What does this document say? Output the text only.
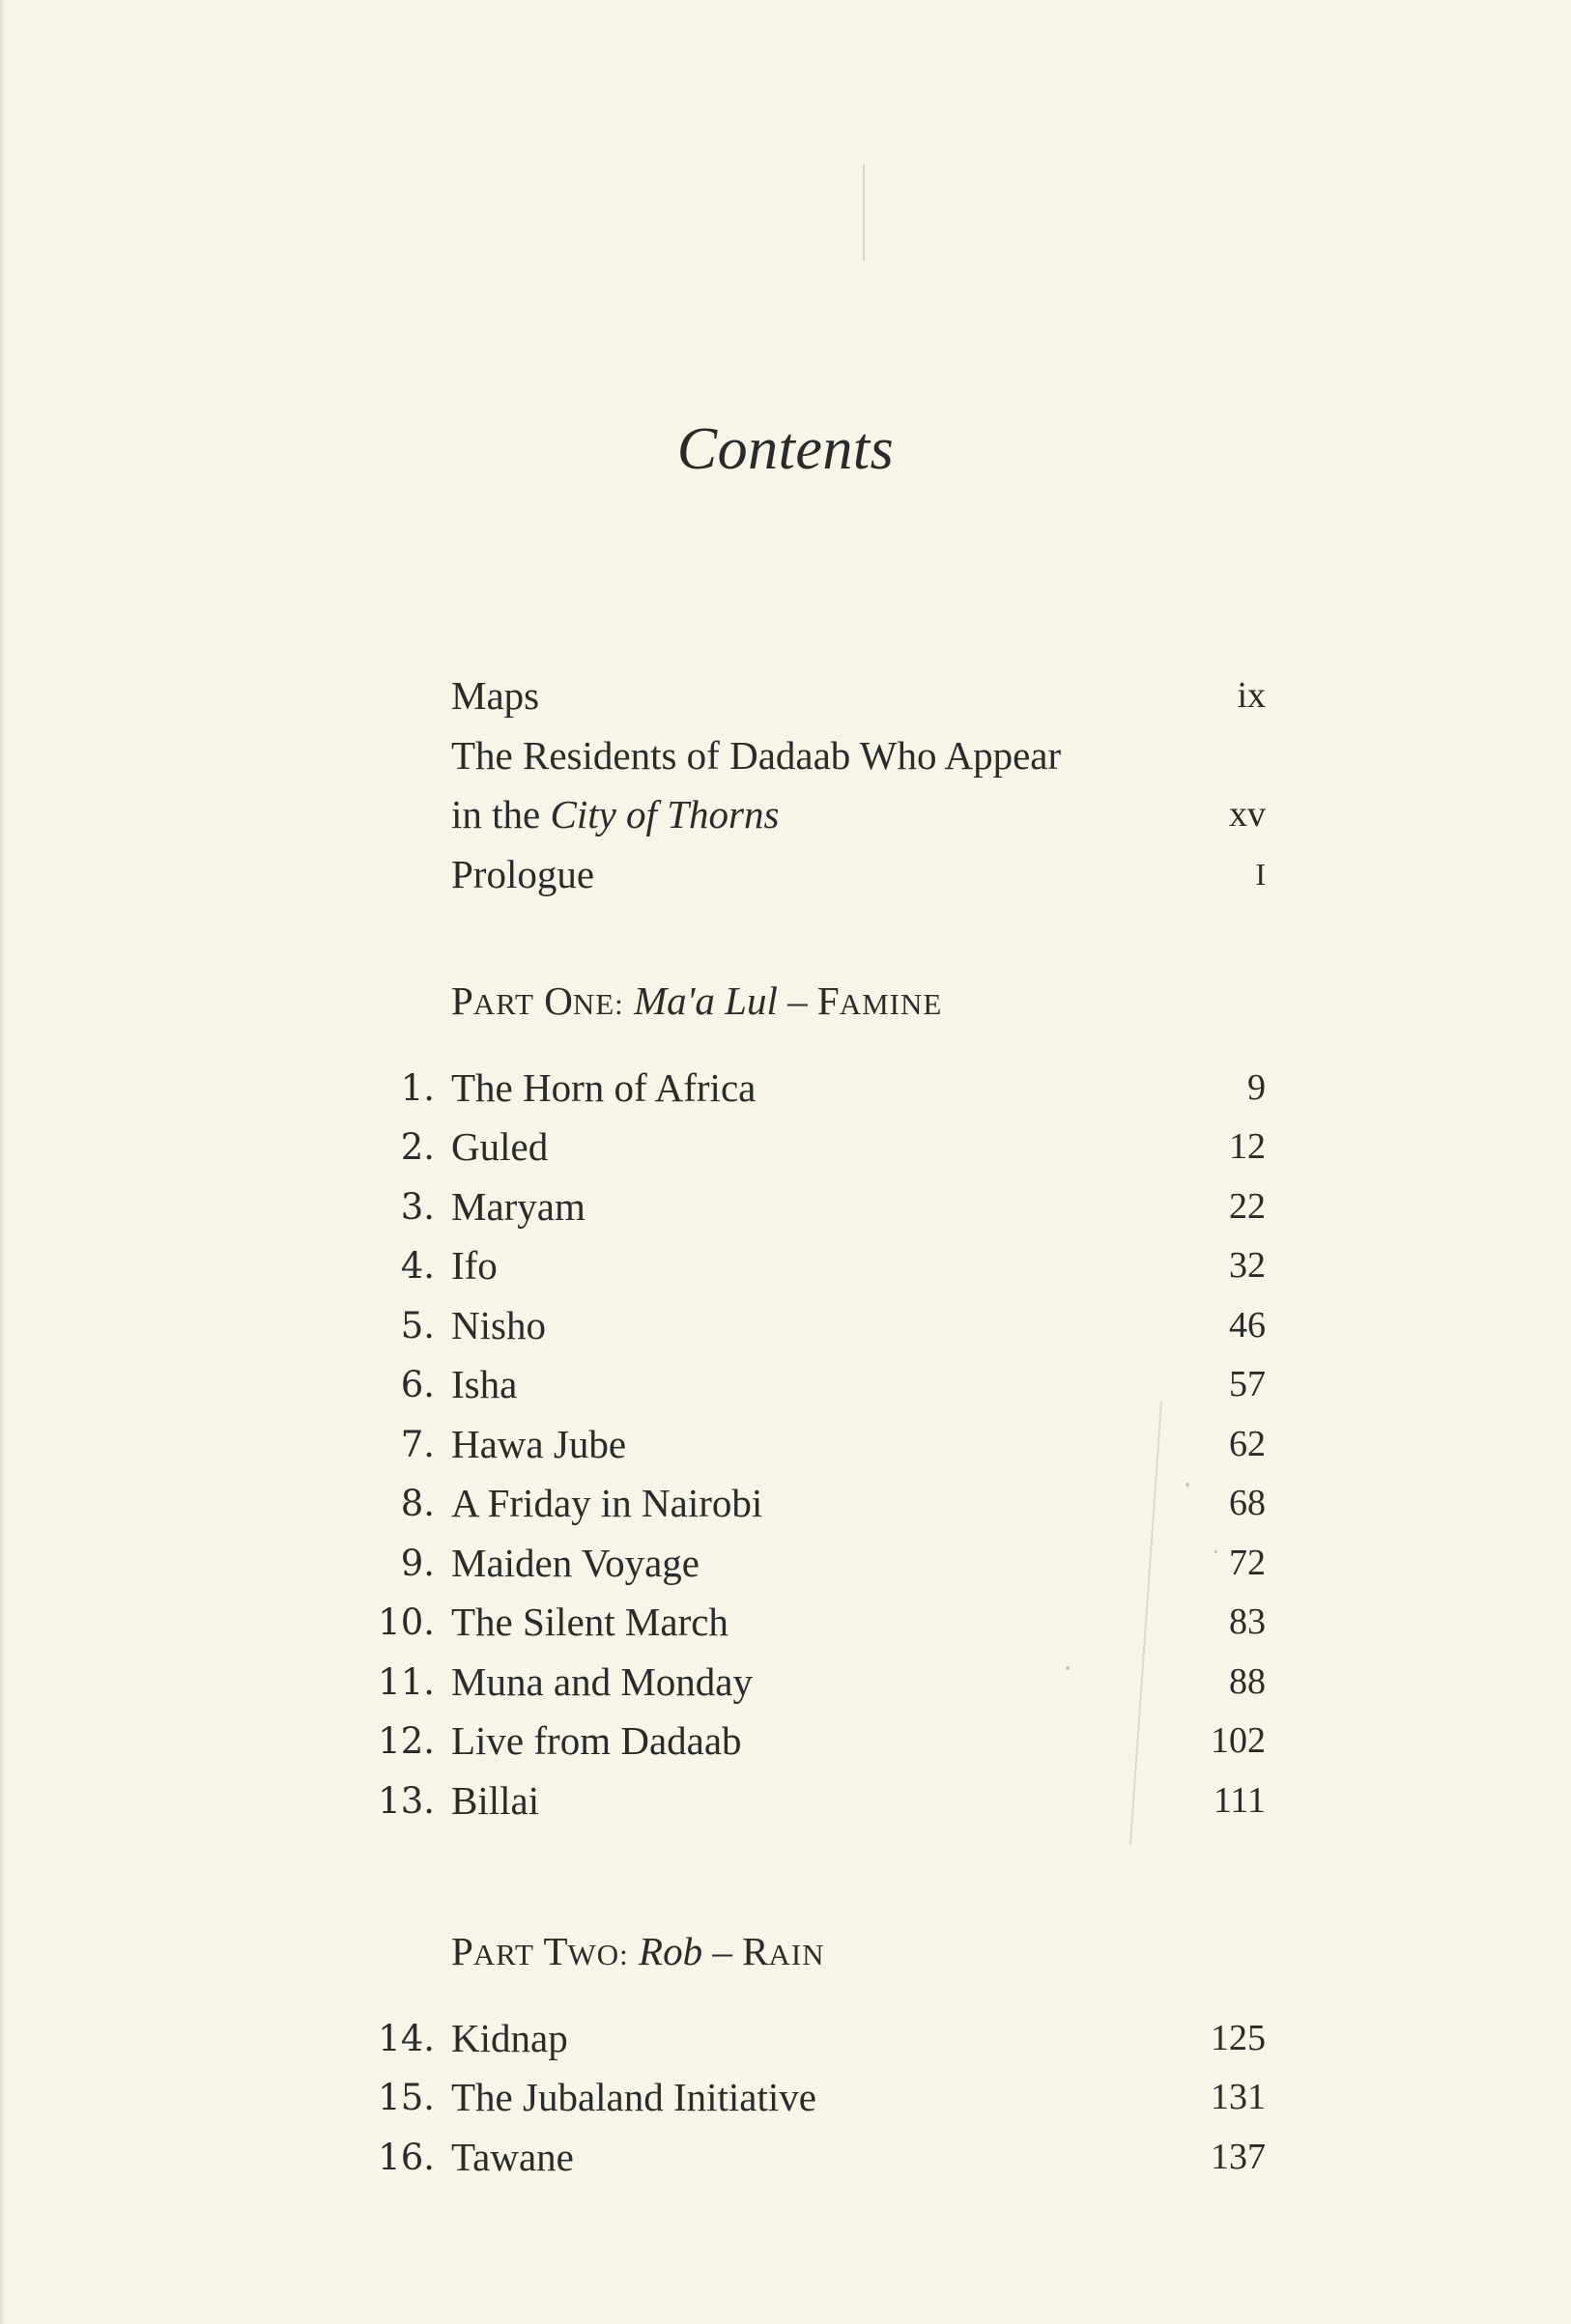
Contents
Maps	ix
The Residents of Dadaab Who Appear
in the City of Thorns	xv
Prologue	I
PART ONE: Ma'a Lul – FAMINE
1. The Horn of Africa	9
2. Guled	12
3. Maryam	22
4. Ifo	32
5. Nisho	46
6. Isha	57
7. Hawa Jube	62
8. A Friday in Nairobi	68
9. Maiden Voyage	72
10. The Silent March	83
11. Muna and Monday	88
12. Live from Dadaab	102
13. Billai	111
PART TWO: Rob – RAIN
14. Kidnap	125
15. The Jubaland Initiative	131
16. Tawane	137
